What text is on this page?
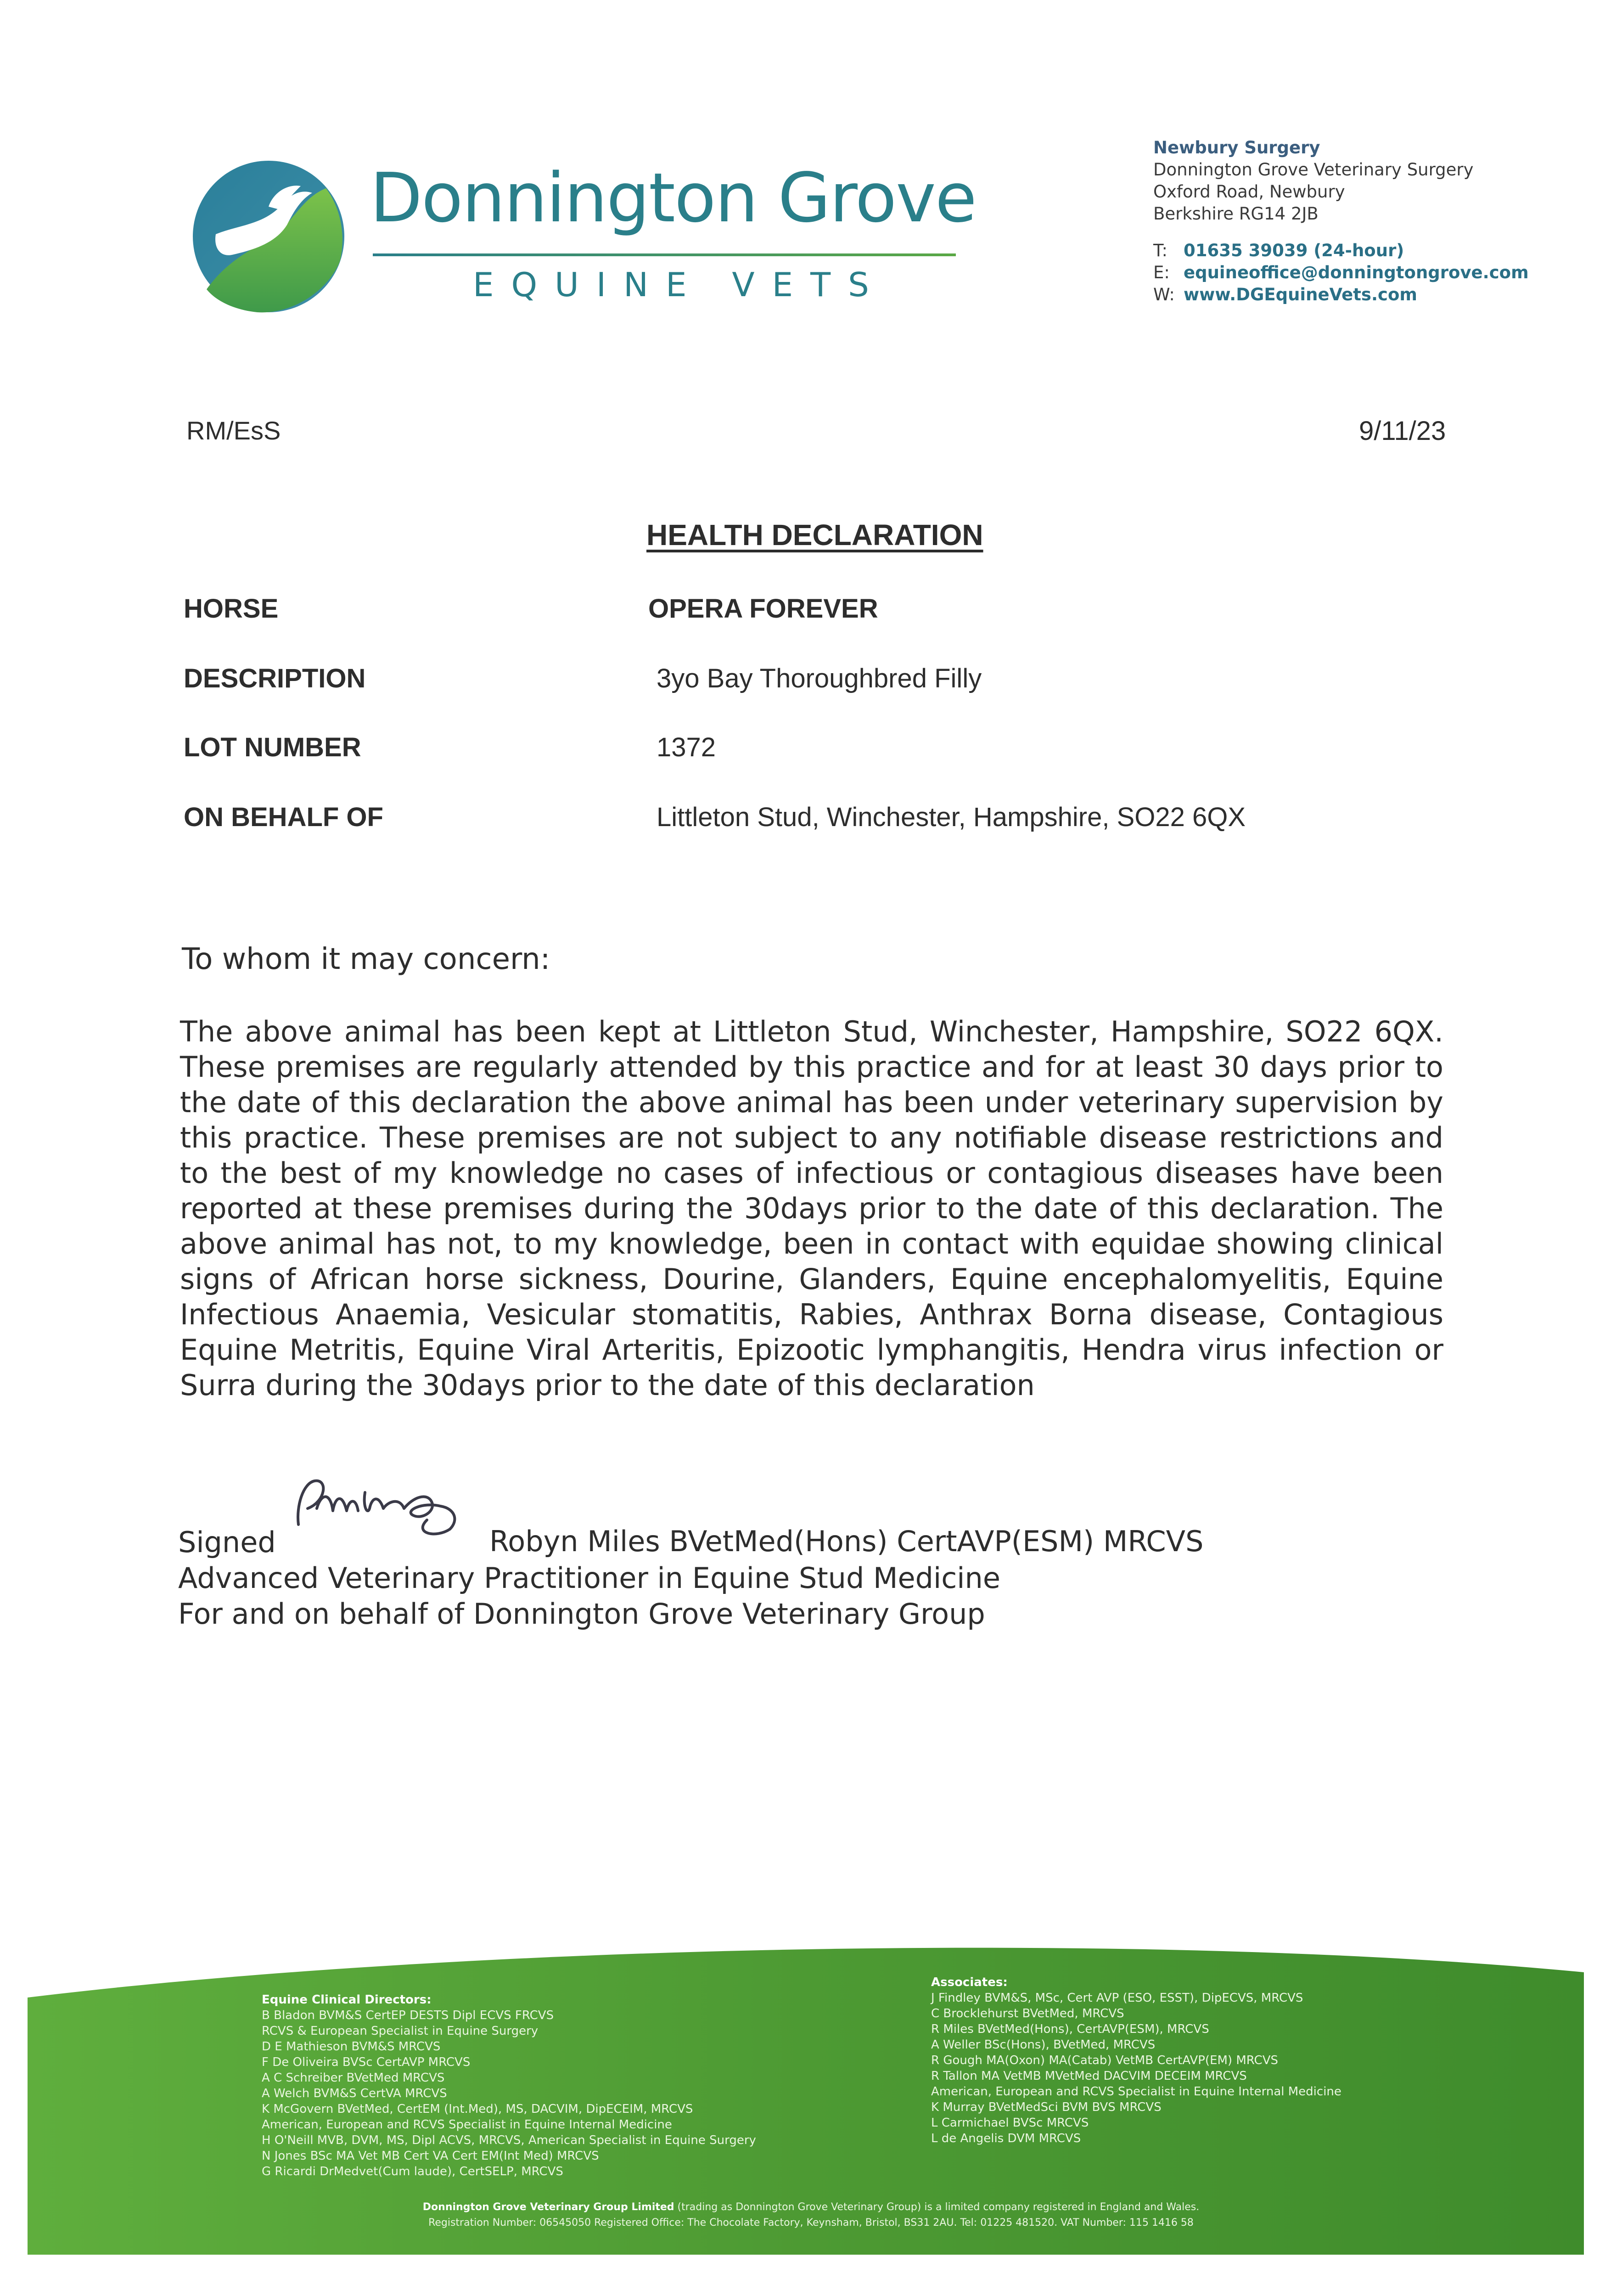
Donnington Grove
EQUINE VETS
Newbury Surgery
Donnington Grove Veterinary Surgery
Oxford Road, Newbury
Berkshire RG14 2JB
T: 01635 39039 (24-hour)
E: equineoffice@donningtongrove.com
W: www.DGEquineVets.com
RM/EsS	9/11/23
HEALTH DECLARATION
HORSE	OPERA FOREVER
DESCRIPTION	3yo Bay Thoroughbred Filly
LOT NUMBER	1372
ON BEHALF OF	Littleton Stud, Winchester, Hampshire, SO22 6QX
To whom it may concern:
The above animal has been kept at Littleton Stud, Winchester, Hampshire, SO22 6QX. These premises are regularly attended by this practice and for at least 30 days prior to the date of this declaration the above animal has been under veterinary supervision by this practice. These premises are not subject to any notifiable disease restrictions and to the best of my knowledge no cases of infectious or contagious diseases have been reported at these premises during the 30days prior to the date of this declaration. The above animal has not, to my knowledge, been in contact with equidae showing clinical signs of African horse sickness, Dourine, Glanders, Equine encephalomyelitis, Equine Infectious Anaemia, Vesicular stomatitis, Rabies, Anthrax Borna disease, Contagious Equine Metritis, Equine Viral Arteritis, Epizootic lymphangitis, Hendra virus infection or Surra during the 30days prior to the date of this declaration
Signed
Advanced Veterinary Practitioner in Equine Stud Medicine
For and on behalf of Donnington Grove Veterinary Group
Robyn Miles BVetMed(Hons) CertAVP(ESM) MRCVS
Equine Clinical Directors:
B Bladon BVM&S CertEP DESTS Dipl ECVS FRCVS
RCVS & European Specialist in Equine Surgery
D E Mathieson BVM&S MRCVS
F De Oliveira BVSc CertAVP MRCVS
A C Schreiber BVetMed MRCVS
A Welch BVM&S CertVA MRCVS
K McGovern BVetMed, CertEM (Int.Med), MS, DACVIM, DipECEIM, MRCVS
American, European and RCVS Specialist in Equine Internal Medicine
H O'Neill MVB, DVM, MS, Dipl ACVS, MRCVS, American Specialist in Equine Surgery
N Jones BSc MA Vet MB Cert VA Cert EM(Int Med) MRCVS
G Ricardi DrMedvet(Cum laude), CertSELP, MRCVS
Associates:
J Findley BVM&S, MSc, Cert AVP (ESO, ESST), DipECVS, MRCVS
C Brocklehurst BVetMed, MRCVS
R Miles BVetMed(Hons), CertAVP(ESM), MRCVS
A Weller BSc(Hons), BVetMed, MRCVS
R Gough MA(Oxon) MA(Catab) VetMB CertAVP(EM) MRCVS
R Tallon MA VetMB MVetMed DACVIM DECEIM MRCVS
American, European and RCVS Specialist in Equine Internal Medicine
K Murray BVetMedSci BVM BVS MRCVS
L Carmichael BVSc MRCVS
L de Angelis DVM MRCVS
Donnington Grove Veterinary Group Limited (trading as Donnington Grove Veterinary Group) is a limited company registered in England and Wales.
Registration Number: 06545050 Registered Office: The Chocolate Factory, Keynsham, Bristol, BS31 2AU. Tel: 01225 481520. VAT Number: 115 1416 58
